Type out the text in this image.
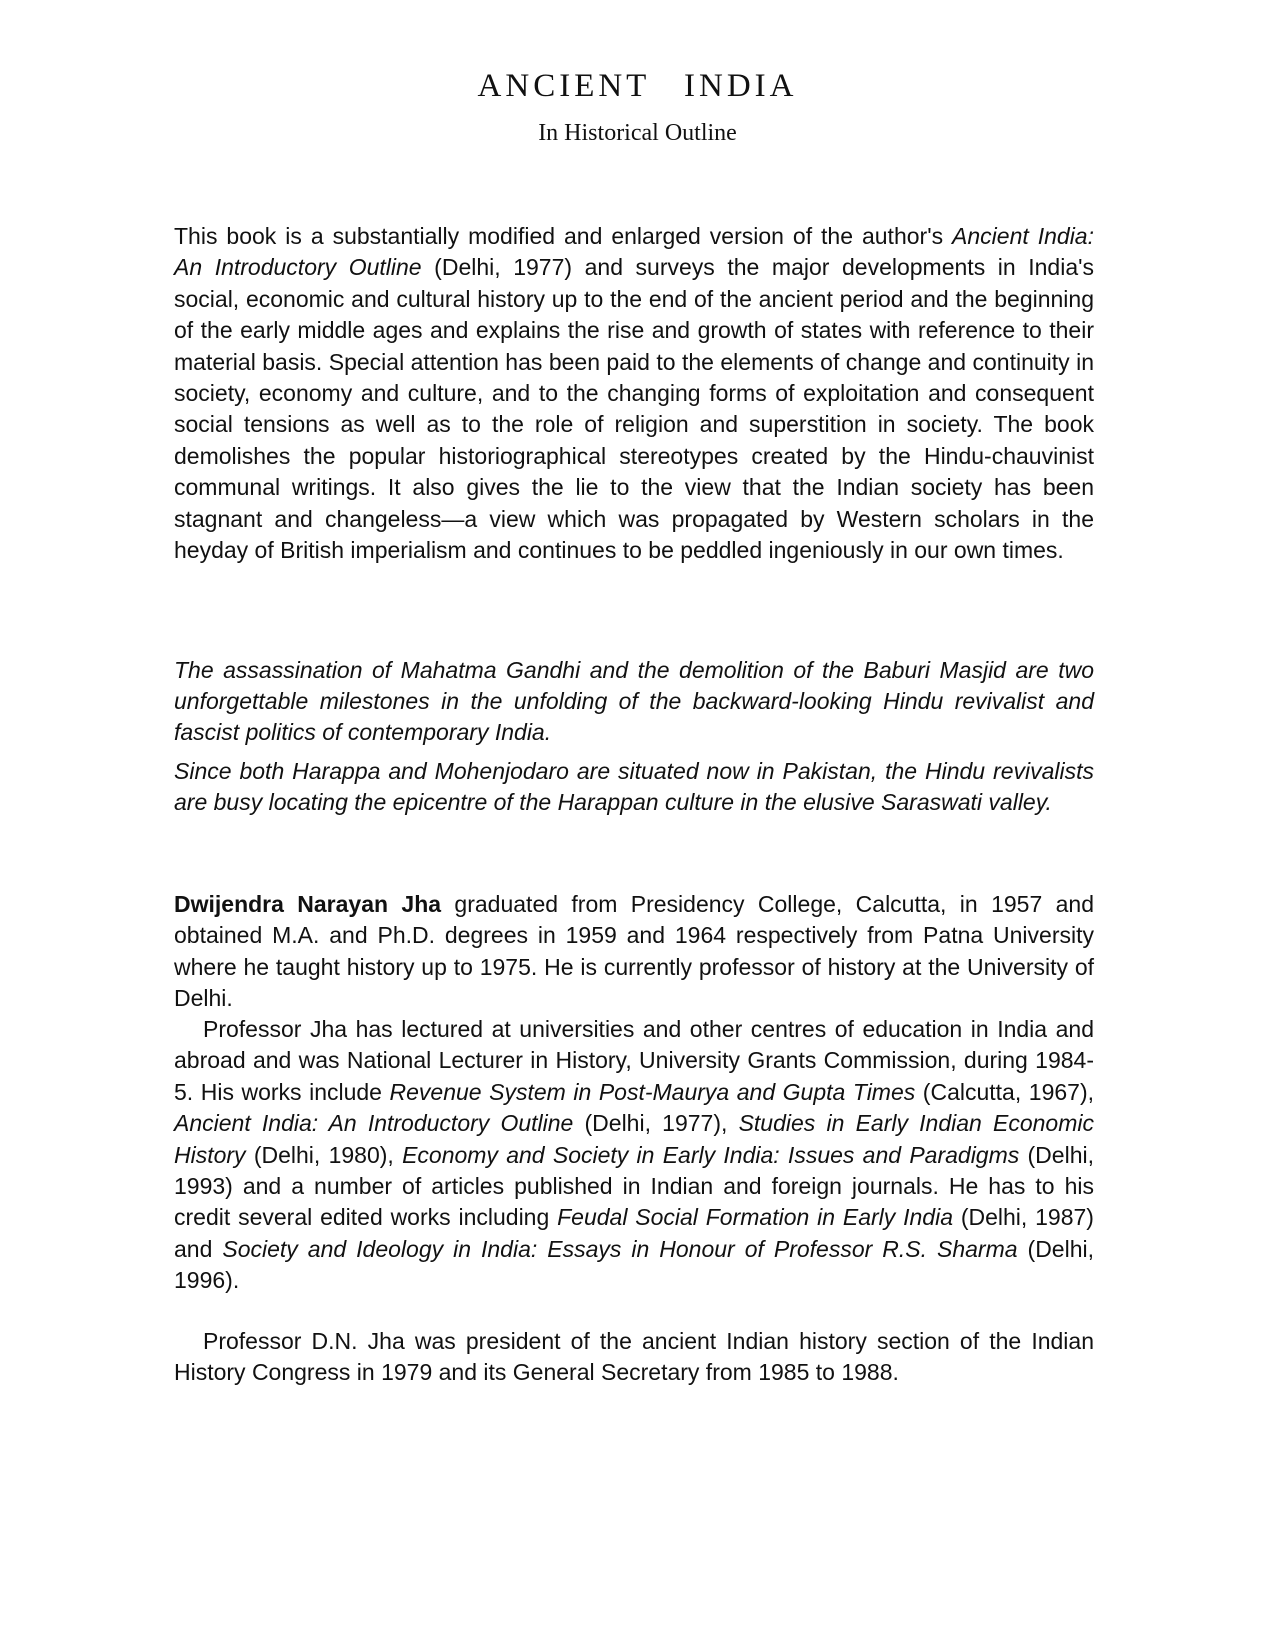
ANCIENT INDIA
In Historical Outline

This book is a substantially modified and enlarged version of the author's Ancient India: An Introductory Outline (Delhi, 1977) and surveys the major developments in India's social, economic and cultural history up to the end of the ancient period and the beginning of the early middle ages and explains the rise and growth of states with reference to their material basis. Special attention has been paid to the elements of change and continuity in society, economy and culture, and to the changing forms of exploitation and consequent social tensions as well as to the role of religion and superstition in society. The book demolishes the popular historiographical stereotypes created by the Hindu-chauvinist communal writings. It also gives the lie to the view that the Indian society has been stagnant and changeless—a view which was propagated by Western scholars in the heyday of British imperialism and continues to be peddled ingeniously in our own times.

The assassination of Mahatma Gandhi and the demolition of the Baburi Masjid are two unforgettable milestones in the unfolding of the backward-looking Hindu revivalist and fascist politics of contemporary India.

Since both Harappa and Mohenjodaro are situated now in Pakistan, the Hindu revivalists are busy locating the epicentre of the Harappan culture in the elusive Saraswati valley.

Dwijendra Narayan Jha graduated from Presidency College, Calcutta, in 1957 and obtained M.A. and Ph.D. degrees in 1959 and 1964 respectively from Patna University where he taught history up to 1975. He is currently professor of history at the University of Delhi.

Professor Jha has lectured at universities and other centres of education in India and abroad and was National Lecturer in History, University Grants Commission, during 1984-5. His works include Revenue System in Post-Maurya and Gupta Times (Calcutta, 1967), Ancient India: An Introductory Outline (Delhi, 1977), Studies in Early Indian Economic History (Delhi, 1980), Economy and Society in Early India: Issues and Paradigms (Delhi, 1993) and a number of articles published in Indian and foreign journals. He has to his credit several edited works including Feudal Social Formation in Early India (Delhi, 1987) and Society and Ideology in India: Essays in Honour of Professor R.S. Sharma (Delhi, 1996).

Professor D.N. Jha was president of the ancient Indian history section of the Indian History Congress in 1979 and its General Secretary from 1985 to 1988.
